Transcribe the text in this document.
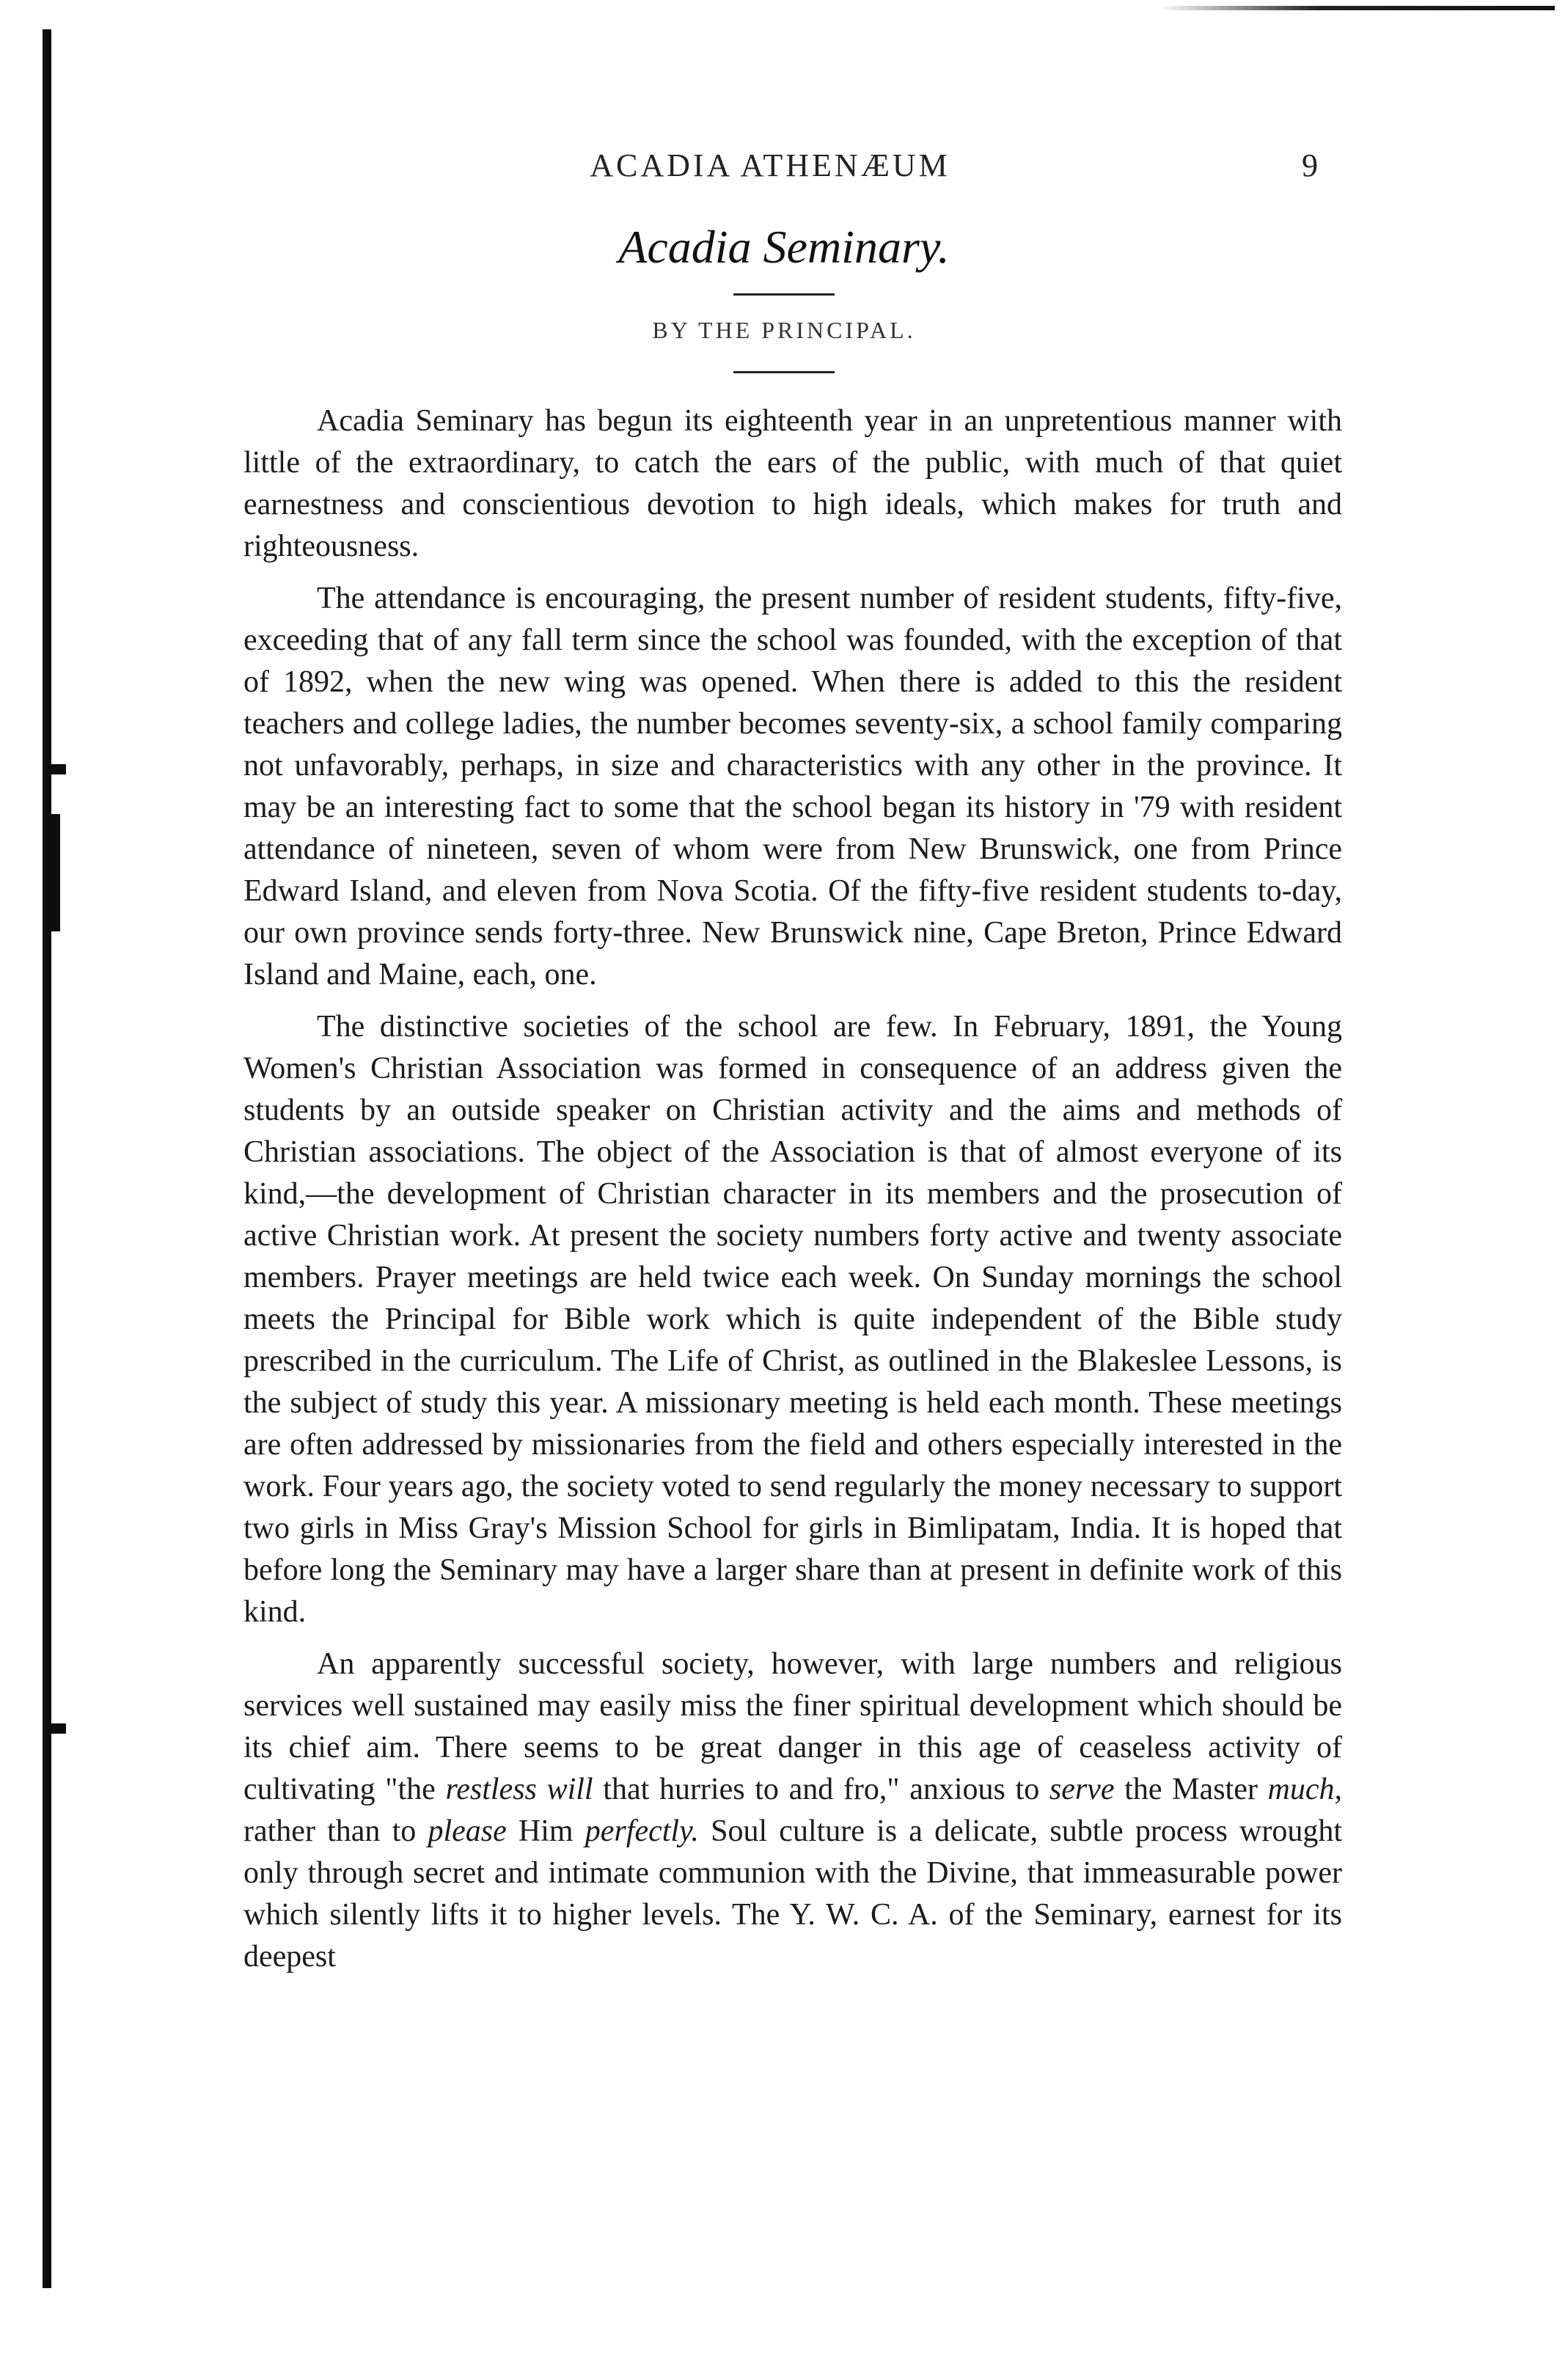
ACADIA ATHENÆUM	9
Acadia Seminary.
BY THE PRINCIPAL.

Acadia Seminary has begun its eighteenth year in an unpretentious manner with little of the extraordinary, to catch the ears of the public, with much of that quiet earnestness and conscientious devotion to high ideals, which makes for truth and righteousness.

The attendance is encouraging, the present number of resident students, fifty-five, exceeding that of any fall term since the school was founded, with the exception of that of 1892, when the new wing was opened. When there is added to this the resident teachers and college ladies, the number becomes seventy-six, a school family comparing not unfavorably, perhaps, in size and characteristics with any other in the province. It may be an interesting fact to some that the school began its history in '79 with resident attendance of nineteen, seven of whom were from New Brunswick, one from Prince Edward Island, and eleven from Nova Scotia. Of the fifty-five resident students to-day, our own province sends forty-three. New Brunswick nine, Cape Breton, Prince Edward Island and Maine, each, one.

The distinctive societies of the school are few. In February, 1891, the Young Women's Christian Association was formed in consequence of an address given the students by an outside speaker on Christian activity and the aims and methods of Christian associations. The object of the Association is that of almost everyone of its kind,—the development of Christian character in its members and the prosecution of active Christian work. At present the society numbers forty active and twenty associate members. Prayer meetings are held twice each week. On Sunday mornings the school meets the Principal for Bible work which is quite independent of the Bible study prescribed in the curriculum. The Life of Christ, as outlined in the Blakeslee Lessons, is the subject of study this year. A missionary meeting is held each month. These meetings are often addressed by missionaries from the field and others especially interested in the work. Four years ago, the society voted to send regularly the money necessary to support two girls in Miss Gray's Mission School for girls in Bimlipatam, India. It is hoped that before long the Seminary may have a larger share than at present in definite work of this kind.

An apparently successful society, however, with large numbers and religious services well sustained may easily miss the finer spiritual development which should be its chief aim. There seems to be great danger in this age of ceaseless activity of cultivating "the restless will that hurries to and fro," anxious to serve the Master much, rather than to please Him perfectly. Soul culture is a delicate, subtle process wrought only through secret and intimate communion with the Divine, that immeasurable power which silently lifts it to higher levels. The Y. W. C. A. of the Seminary, earnest for its deepest
